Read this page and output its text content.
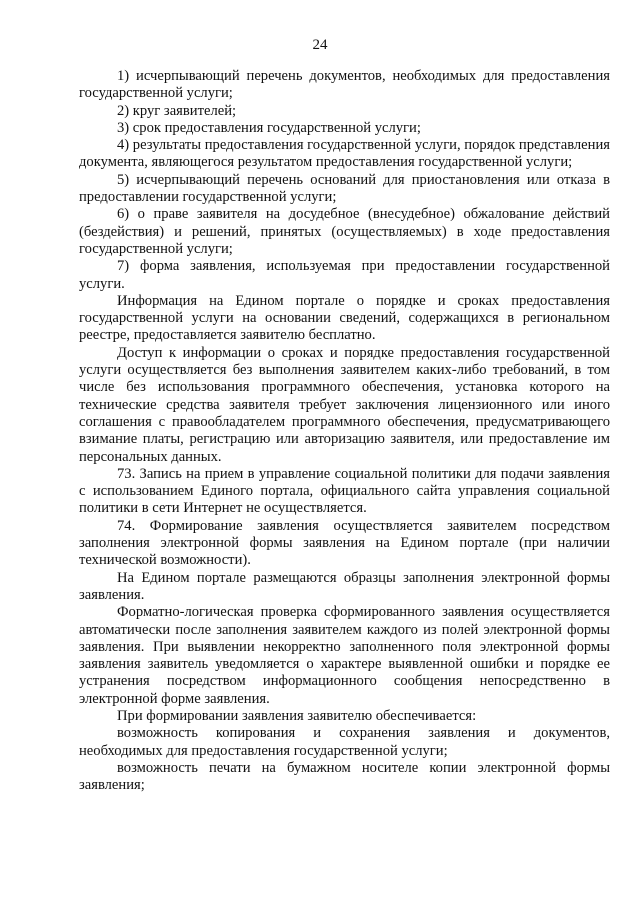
24

1) исчерпывающий перечень документов, необходимых для предоставления государственной услуги;

2) круг заявителей;

3) срок предоставления государственной услуги;

4) результаты предоставления государственной услуги, порядок представления документа, являющегося результатом предоставления государственной услуги;

5) исчерпывающий перечень оснований для приостановления или отказа в предоставлении государственной услуги;

6) о праве заявителя на досудебное (внесудебное) обжалование действий (бездействия) и решений, принятых (осуществляемых) в ходе предоставления государственной услуги;

7) форма заявления, используемая при предоставлении государственной услуги.

Информация на Едином портале о порядке и сроках предоставления государственной услуги на основании сведений, содержащихся в региональном реестре, предоставляется заявителю бесплатно.

Доступ к информации о сроках и порядке предоставления государственной услуги осуществляется без выполнения заявителем каких-либо требований, в том числе без использования программного обеспечения, установка которого на технические средства заявителя требует заключения лицензионного или иного соглашения с правообладателем программного обеспечения, предусматривающего взимание платы, регистрацию или авторизацию заявителя, или предоставление им персональных данных.

73. Запись на прием в управление социальной политики для подачи заявления с использованием Единого портала, официального сайта управления социальной политики в сети Интернет не осуществляется.

74. Формирование заявления осуществляется заявителем посредством заполнения электронной формы заявления на Едином портале (при наличии технической возможности).

На Едином портале размещаются образцы заполнения электронной формы заявления.

Форматно-логическая проверка сформированного заявления осуществляется автоматически после заполнения заявителем каждого из полей электронной формы заявления. При выявлении некорректно заполненного поля электронной формы заявления заявитель уведомляется о характере выявленной ошибки и порядке ее устранения посредством информационного сообщения непосредственно в электронной форме заявления.

При формировании заявления заявителю обеспечивается:

возможность копирования и сохранения заявления и документов, необходимых для предоставления государственной услуги;

возможность печати на бумажном носителе копии электронной формы заявления;
